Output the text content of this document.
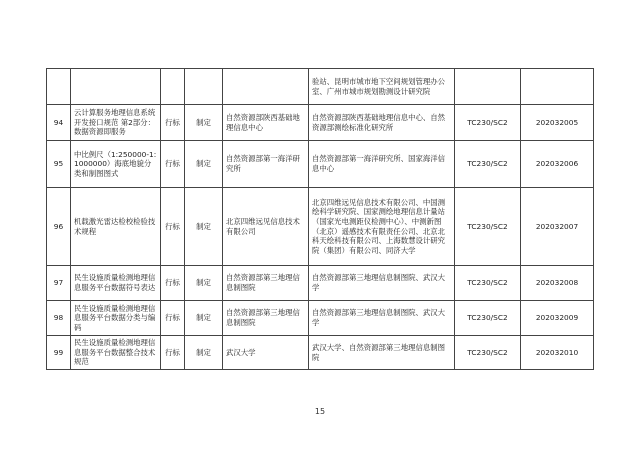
					验站、昆明市城市地下空间规划管理办公室、广州市城市规划勘测设计研究院		
94	云计算服务地理信息系统开发接口规范 第2部分：数据资源即服务	行标	制定	自然资源部陕西基础地理信息中心	自然资源部陕西基础地理信息中心、自然资源部测绘标准化研究所	TC230/SC2	202032005
95	中比例尺（1:250000-1:1000000）海底地貌分类和制图图式	行标	制定	自然资源部第一海洋研究所	自然资源部第一海洋研究所、国家海洋信息中心	TC230/SC2	202032006
96	机载激光雷达检校检验技术规程	行标	制定	北京四维远见信息技术有限公司	北京四维远见信息技术有限公司、中国测绘科学研究院、国家测绘地理信息计量站（国家光电测距仪检测中心）、中测新图（北京）遥感技术有限责任公司、北京北科天绘科技有限公司、上海数慧设计研究院（集团）有限公司、同济大学	TC230/SC2	202032007
97	民生设施质量检测地理信息服务平台数据符号表达	行标	制定	自然资源部第三地理信息制图院	自然资源部第三地理信息制图院、武汉大学	TC230/SC2	202032008
98	民生设施质量检测地理信息服务平台数据分类与编码	行标	制定	自然资源部第三地理信息制图院	自然资源部第三地理信息制图院、武汉大学	TC230/SC2	202032009
99	民生设施质量检测地理信息服务平台数据整合技术规范	行标	制定	武汉大学	武汉大学、自然资源部第三地理信息制图院	TC230/SC2	202032010
15
